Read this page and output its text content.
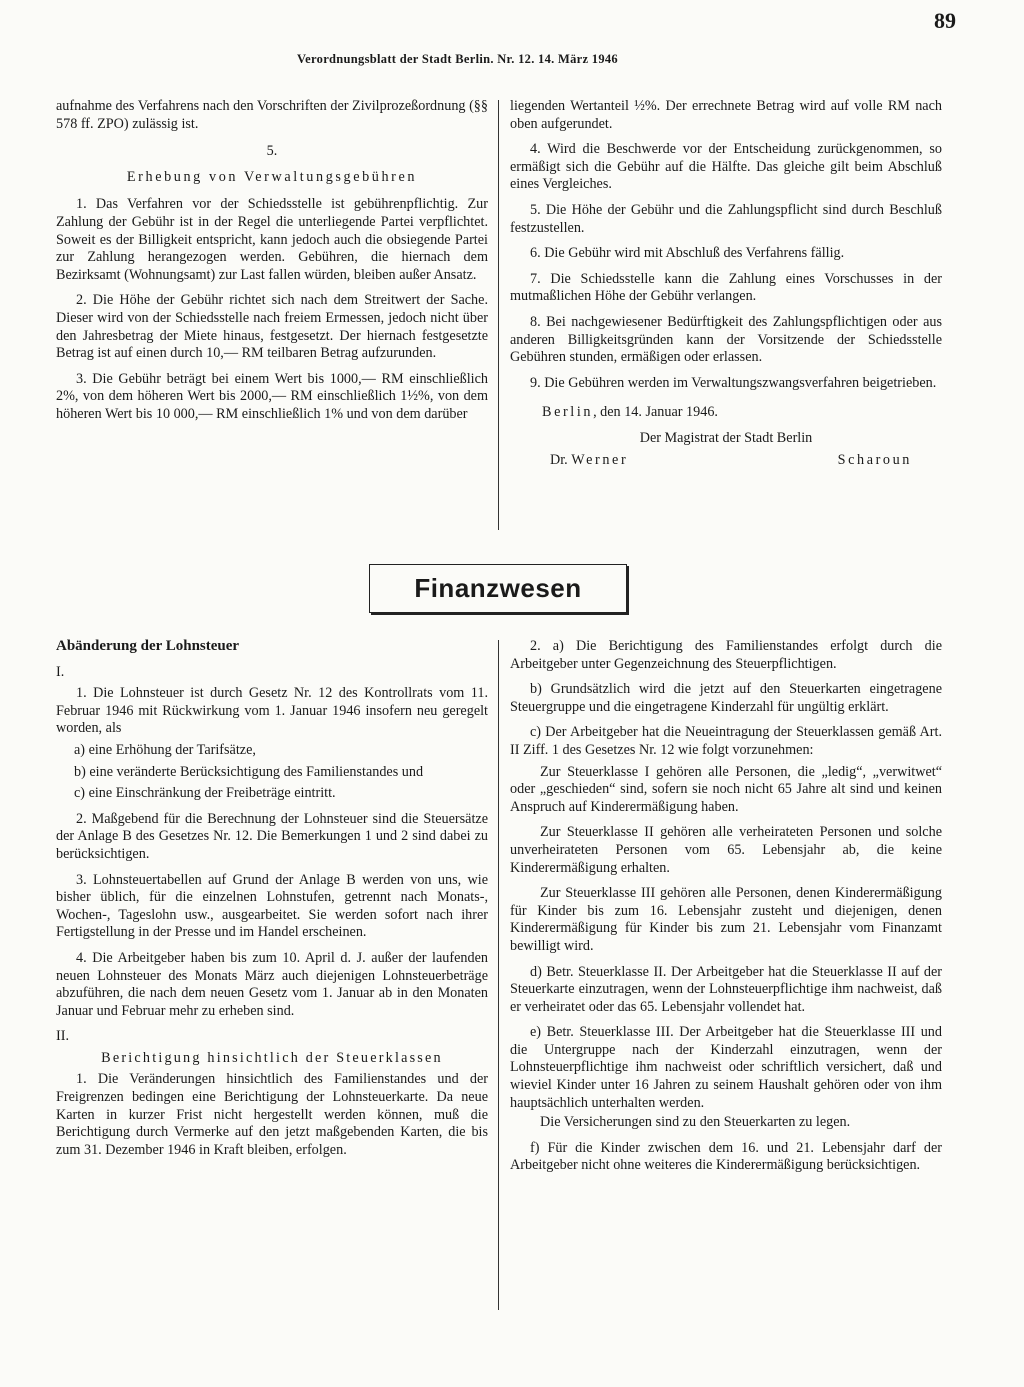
89
Verordnungsblatt der Stadt Berlin. Nr. 12. 14. März 1946

aufnahme des Verfahrens nach den Vorschriften der Zivilprozeßordnung (§§ 578 ff. ZPO) zulässig ist.

5.

Erhebung von Verwaltungsgebühren

1. Das Verfahren vor der Schiedsstelle ist gebührenpflichtig. Zur Zahlung der Gebühr ist in der Regel die unterliegende Partei verpflichtet. Soweit es der Billigkeit entspricht, kann jedoch auch die obsiegende Partei zur Zahlung herangezogen werden. Gebühren, die hiernach dem Bezirksamt (Wohnungsamt) zur Last fallen würden, bleiben außer Ansatz.

2. Die Höhe der Gebühr richtet sich nach dem Streitwert der Sache. Dieser wird von der Schiedsstelle nach freiem Ermessen, jedoch nicht über den Jahresbetrag der Miete hinaus, festgesetzt. Der hiernach festgesetzte Betrag ist auf einen durch 10,— RM teilbaren Betrag aufzurunden.

3. Die Gebühr beträgt bei einem Wert bis 1000,— RM einschließlich 2%, von dem höheren Wert bis 2000,— RM einschließlich 1½%, von dem höheren Wert bis 10 000,— RM einschließlich 1% und von dem darüber

liegenden Wertanteil ½%. Der errechnete Betrag wird auf volle RM nach oben aufgerundet.

4. Wird die Beschwerde vor der Entscheidung zurückgenommen, so ermäßigt sich die Gebühr auf die Hälfte. Das gleiche gilt beim Abschluß eines Vergleiches.

5. Die Höhe der Gebühr und die Zahlungspflicht sind durch Beschluß festzustellen.

6. Die Gebühr wird mit Abschluß des Verfahrens fällig.

7. Die Schiedsstelle kann die Zahlung eines Vorschusses in der mutmaßlichen Höhe der Gebühr verlangen.

8. Bei nachgewiesener Bedürftigkeit des Zahlungspflichtigen oder aus anderen Billigkeitsgründen kann der Vorsitzende der Schiedsstelle Gebühren stunden, ermäßigen oder erlassen.

9. Die Gebühren werden im Verwaltungszwangsverfahren beigetrieben.

Berlin, den 14. Januar 1946.

Der Magistrat der Stadt Berlin

Dr. Werner	Scharoun
Finanzwesen

Abänderung der Lohnsteuer

I.

1. Die Lohnsteuer ist durch Gesetz Nr. 12 des Kontrollrats vom 11. Februar 1946 mit Rückwirkung vom 1. Januar 1946 insofern neu geregelt worden, als

a) eine Erhöhung der Tarifsätze,

b) eine veränderte Berücksichtigung des Familienstandes und

c) eine Einschränkung der Freibeträge eintritt.

2. Maßgebend für die Berechnung der Lohnsteuer sind die Steuersätze der Anlage B des Gesetzes Nr. 12. Die Bemerkungen 1 und 2 sind dabei zu berücksichtigen.

3. Lohnsteuertabellen auf Grund der Anlage B werden von uns, wie bisher üblich, für die einzelnen Lohnstufen, getrennt nach Monats-, Wochen-, Tageslohn usw., ausgearbeitet. Sie werden sofort nach ihrer Fertigstellung in der Presse und im Handel erscheinen.

4. Die Arbeitgeber haben bis zum 10. April d. J. außer der laufenden neuen Lohnsteuer des Monats März auch diejenigen Lohnsteuerbeträge abzuführen, die nach dem neuen Gesetz vom 1. Januar ab in den Monaten Januar und Februar mehr zu erheben sind.

II.

Berichtigung hinsichtlich der Steuerklassen

1. Die Veränderungen hinsichtlich des Familienstandes und der Freigrenzen bedingen eine Berichtigung der Lohnsteuerkarte. Da neue Karten in kurzer Frist nicht hergestellt werden können, muß die Berichtigung durch Vermerke auf den jetzt maßgebenden Karten, die bis zum 31. Dezember 1946 in Kraft bleiben, erfolgen.

2. a) Die Berichtigung des Familienstandes erfolgt durch die Arbeitgeber unter Gegenzeichnung des Steuerpflichtigen.

b) Grundsätzlich wird die jetzt auf den Steuerkarten eingetragene Steuergruppe und die eingetragene Kinderzahl für ungültig erklärt.

c) Der Arbeitgeber hat die Neueintragung der Steuerklassen gemäß Art. II Ziff. 1 des Gesetzes Nr. 12 wie folgt vorzunehmen:

Zur Steuerklasse I gehören alle Personen, die „ledig“, „verwitwet“ oder „geschieden“ sind, sofern sie noch nicht 65 Jahre alt sind und keinen Anspruch auf Kinderermäßigung haben.

Zur Steuerklasse II gehören alle verheirateten Personen und solche unverheirateten Personen vom 65. Lebensjahr ab, die keine Kinderermäßigung erhalten.

Zur Steuerklasse III gehören alle Personen, denen Kinderermäßigung für Kinder bis zum 16. Lebensjahr zusteht und diejenigen, denen Kinderermäßigung für Kinder bis zum 21. Lebensjahr vom Finanzamt bewilligt wird.

d) Betr. Steuerklasse II. Der Arbeitgeber hat die Steuerklasse II auf der Steuerkarte einzutragen, wenn der Lohnsteuerpflichtige ihm nachweist, daß er verheiratet oder das 65. Lebensjahr vollendet hat.

e) Betr. Steuerklasse III. Der Arbeitgeber hat die Steuerklasse III und die Untergruppe nach der Kinderzahl einzutragen, wenn der Lohnsteuerpflichtige ihm nachweist oder schriftlich versichert, daß und wieviel Kinder unter 16 Jahren zu seinem Haushalt gehören oder von ihm hauptsächlich unterhalten werden.

Die Versicherungen sind zu den Steuerkarten zu legen.

f) Für die Kinder zwischen dem 16. und 21. Lebensjahr darf der Arbeitgeber nicht ohne weiteres die Kinderermäßigung berücksichtigen.
